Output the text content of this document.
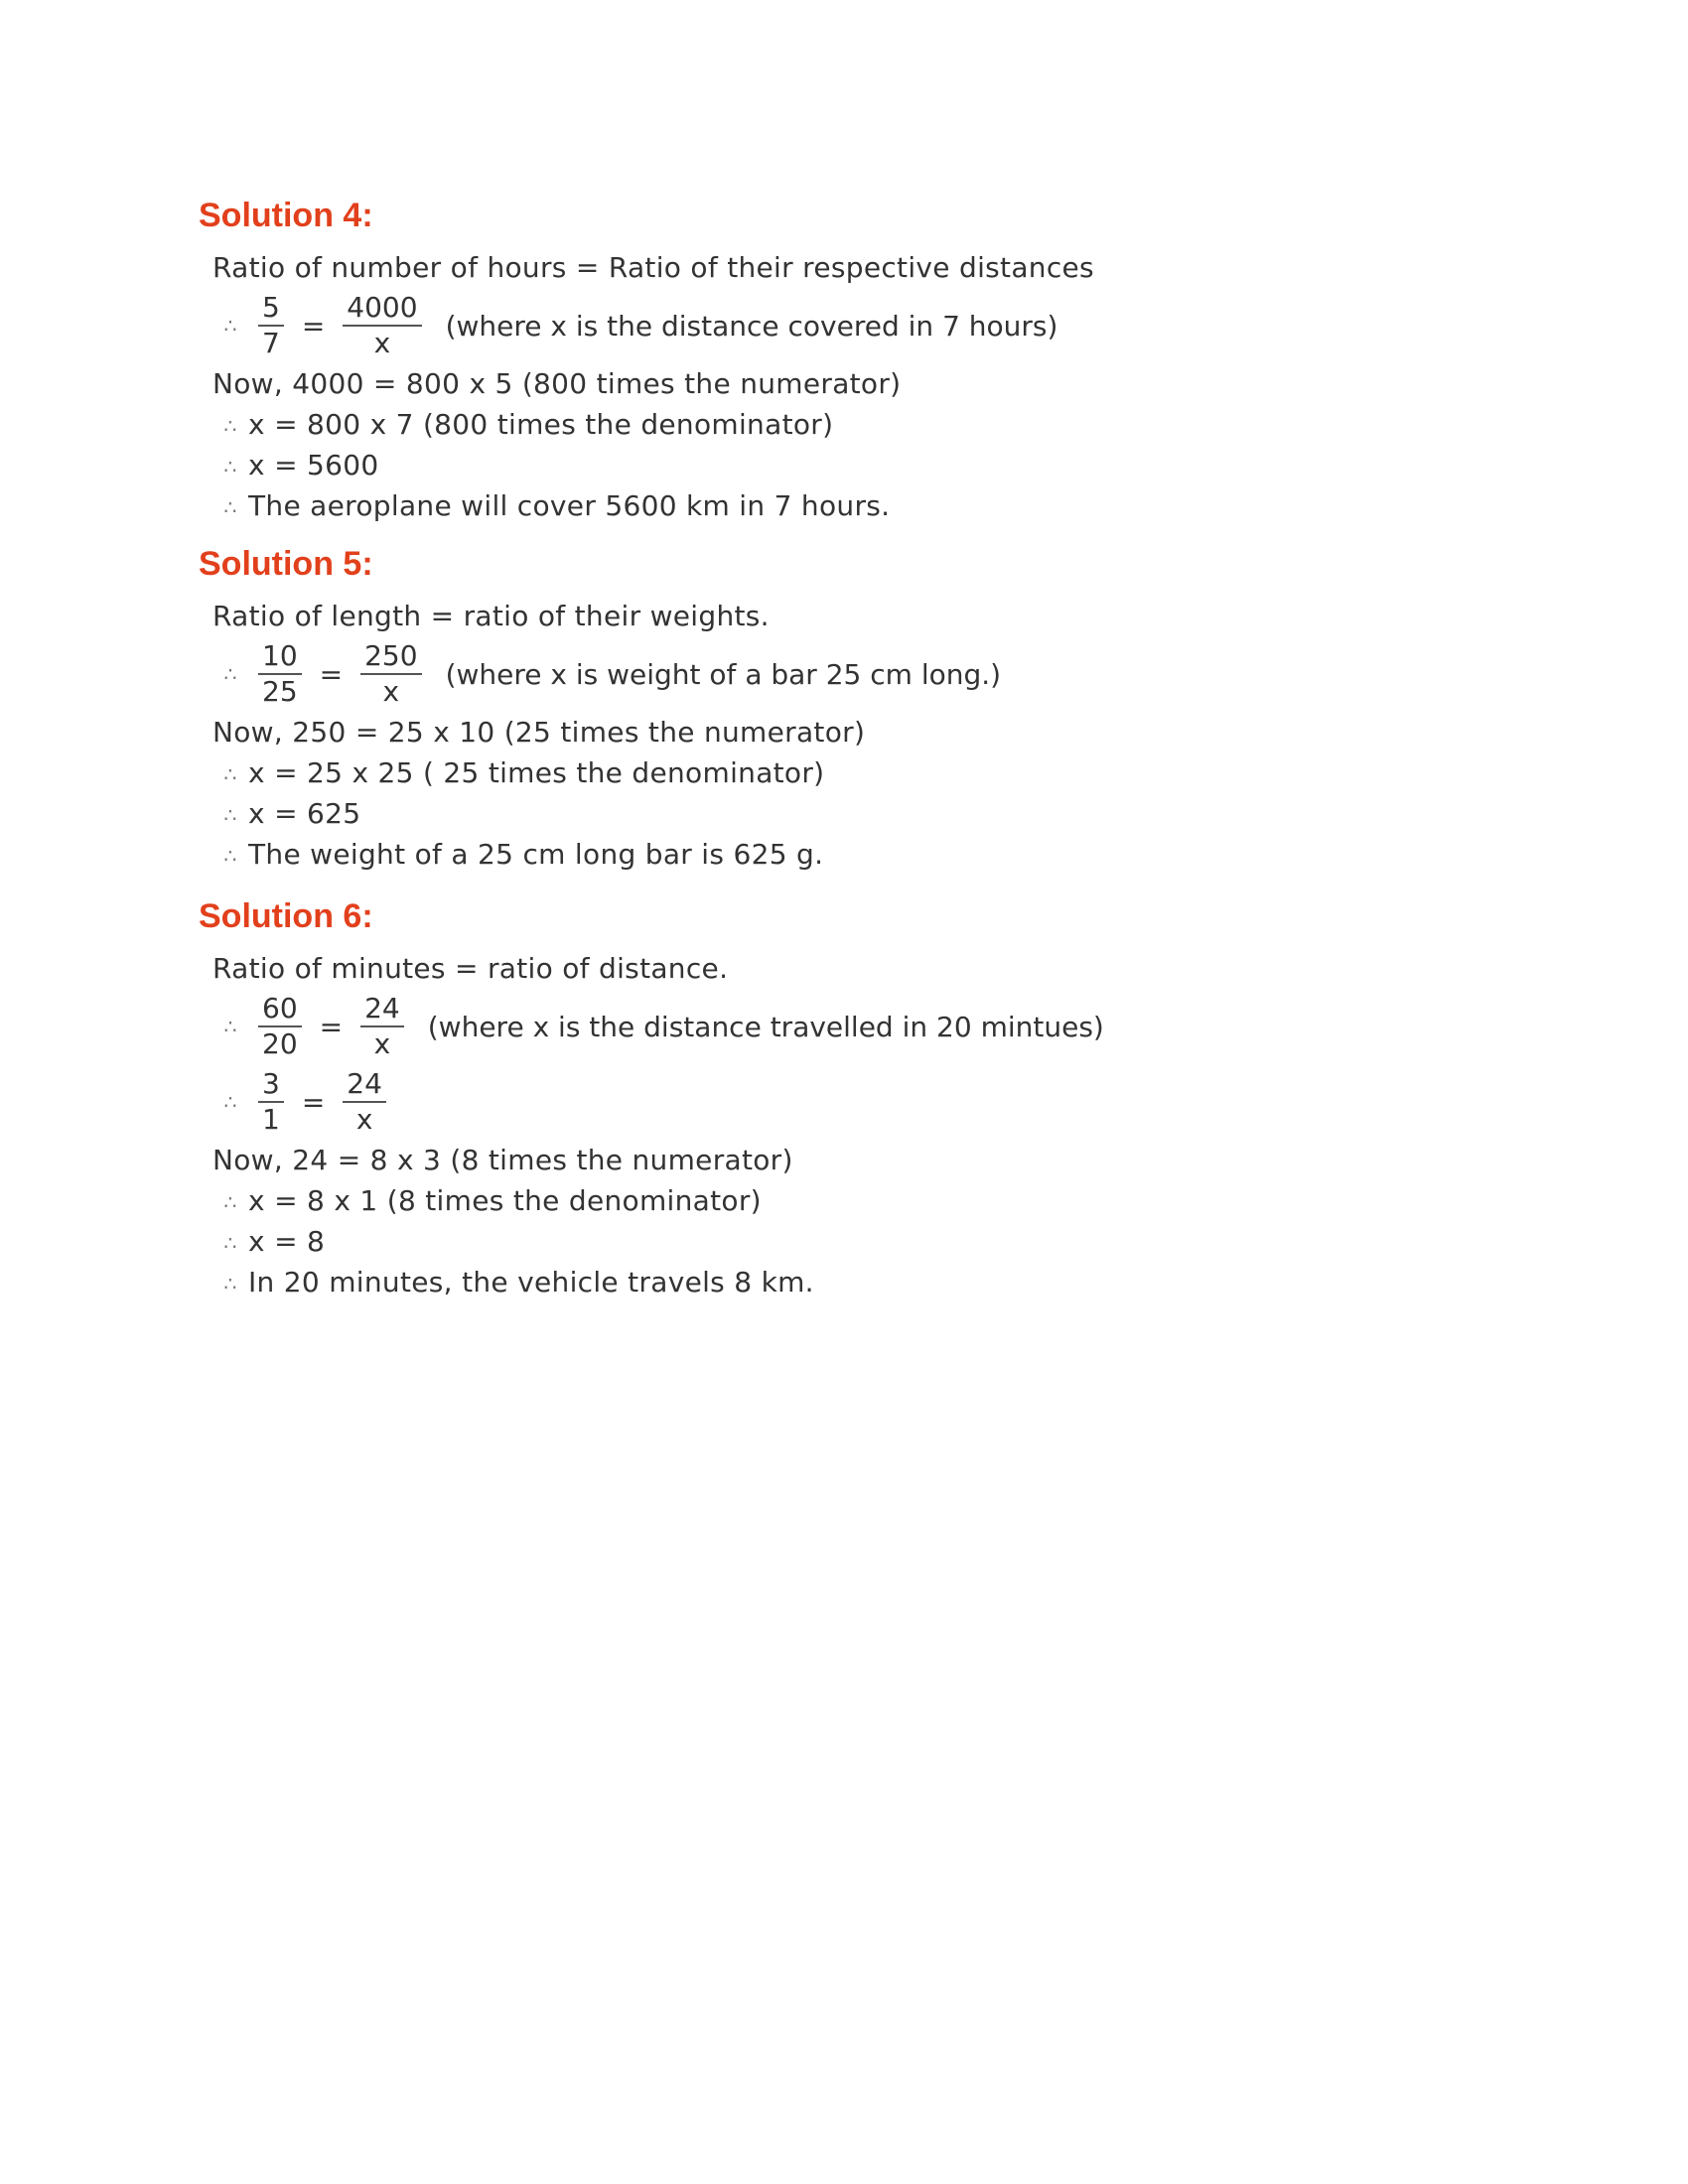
Solution 4:
Ratio of number of hours = Ratio of their respective distances
∴ $\frac{5}{7} = \frac{4000}{x}$ (where x is the distance covered in 7 hours)
Now, 4000 = 800 x 5 (800 times the numerator)
∴ x = 800 x 7 (800 times the denominator)
∴ x = 5600
∴ The aeroplane will cover 5600 km in 7 hours.
Solution 5:
Ratio of length = ratio of their weights.
∴ $\frac{10}{25} = \frac{250}{x}$ (where x is weight of a bar 25 cm long.)
Now, 250 = 25 x 10 (25 times the numerator)
∴ x = 25 x 25 ( 25 times the denominator)
∴ x = 625
∴ The weight of a 25 cm long bar is 625 g.
Solution 6:
Ratio of minutes = ratio of distance.
∴ $\frac{60}{20} = \frac{24}{x}$ (where x is the distance travelled in 20 mintues)
∴ $\frac{3}{1} = \frac{24}{x}$
Now, 24 = 8 x 3 (8 times the numerator)
∴ x = 8 x 1 (8 times the denominator)
∴ x = 8
∴ In 20 minutes, the vehicle travels 8 km.
